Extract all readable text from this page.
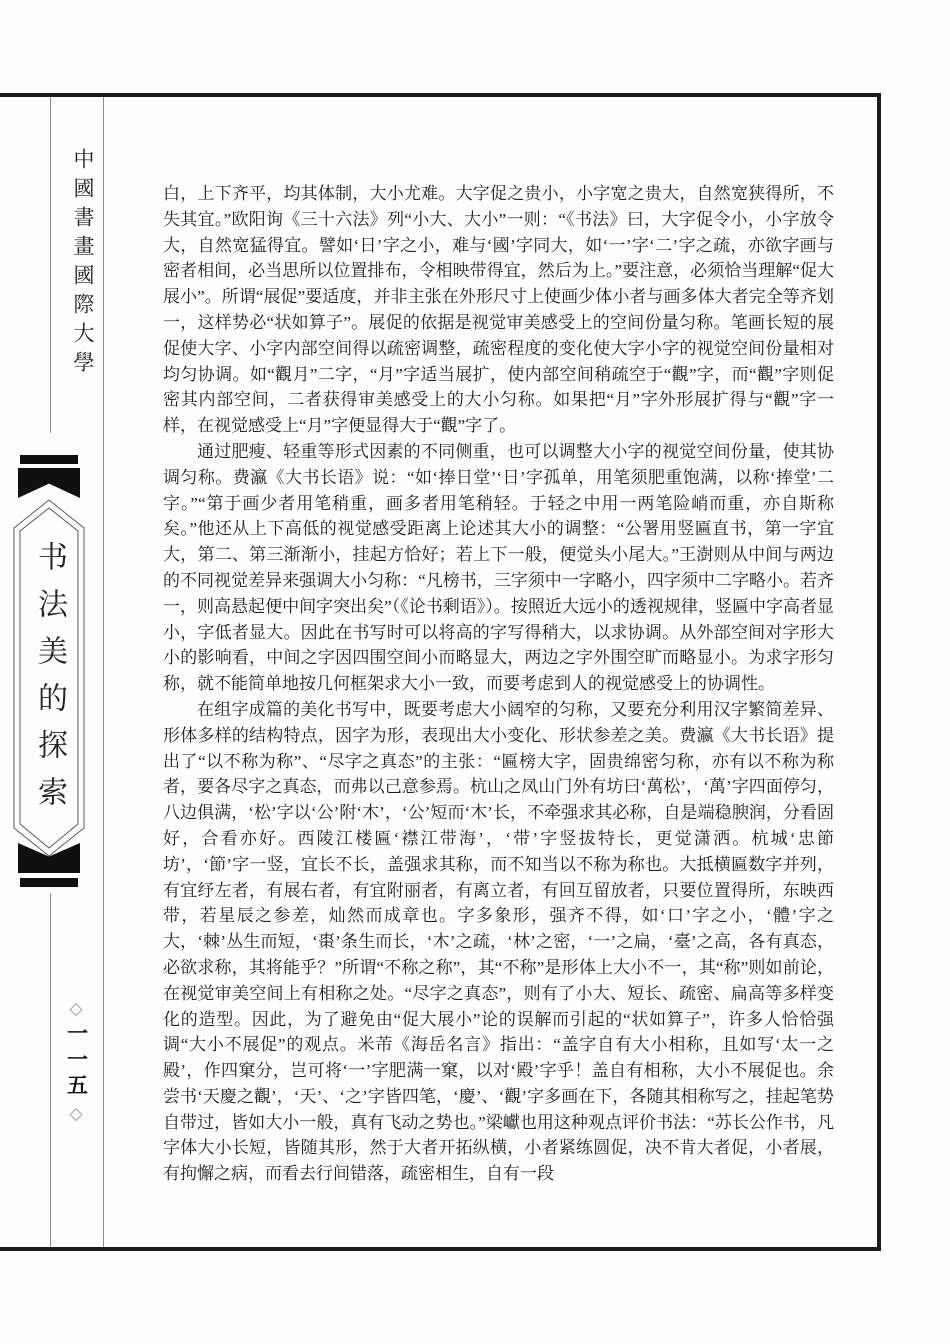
中國書畫國際大學
书法美的探索
◇
一一五
◇

白，上下齐平，均其体制，大小尤难。大字促之贵小，小字宽之贵大，自然宽狭得所，不失其宜。”欧阳询《三十六法》列“小大、大小”一则：“《书法》曰，大字促令小，小字放令大，自然宽猛得宜。譬如‘日’字之小，难与‘國’字同大，如‘一’字‘二’字之疏，亦欲字画与密者相间，必当思所以位置排布，令相映带得宜，然后为上。”要注意，必须恰当理解“促大展小”。所谓“展促”要适度，并非主张在外形尺寸上使画少体小者与画多体大者完全等齐划一，这样势必“状如算子”。展促的依据是视觉审美感受上的空间份量匀称。笔画长短的展促使大字、小字内部空间得以疏密调整，疏密程度的变化使大字小字的视觉空间份量相对均匀协调。如“觀月”二字，“月”字适当展扩，使内部空间稍疏空于“觀”字，而“觀”字则促密其内部空间，二者获得审美感受上的大小匀称。如果把“月”字外形展扩得与“觀”字一样，在视觉感受上“月”字便显得大于“觀”字了。

通过肥瘦、轻重等形式因素的不同侧重，也可以调整大小字的视觉空间份量，使其协调匀称。费瀛《大书长语》说：“如‘捧日堂’‘日’字孤单，用笔须肥重饱满，以称‘捧堂’二字。”“第于画少者用笔稍重，画多者用笔稍轻。于轻之中用一两笔险峭而重，亦自斯称矣。”他还从上下高低的视觉感受距离上论述其大小的调整：“公署用竖匾直书，第一字宜大，第二、第三渐渐小，挂起方恰好；若上下一般，便觉头小尾大。”王澍则从中间与两边的不同视觉差异来强调大小匀称：“凡榜书，三字须中一字略小，四字须中二字略小。若齐一，则高悬起便中间字突出矣”（《论书剩语》）。按照近大远小的透视规律，竖匾中字高者显小，字低者显大。因此在书写时可以将高的字写得稍大，以求协调。从外部空间对字形大小的影响看，中间之字因四围空间小而略显大，两边之字外围空旷而略显小。为求字形匀称，就不能简单地按几何框架求大小一致，而要考虑到人的视觉感受上的协调性。

在组字成篇的美化书写中，既要考虑大小阔窄的匀称，又要充分利用汉字繁简差异、形体多样的结构特点，因字为形，表现出大小变化、形状参差之美。费瀛《大书长语》提出了“以不称为称”、“尽字之真态”的主张：“匾榜大字，固贵绵密匀称，亦有以不称为称者，要各尽字之真态，而弗以己意参焉。杭山之凤山门外有坊曰‘萬松’，‘萬’字四面停匀，八边俱满，‘松’字以‘公’附‘木’，‘公’短而‘木’长，不牵强求其必称，自是端稳腴润，分看固好，合看亦好。西陵江楼匾‘襟江带海’，‘带’字竖拔特长，更觉潇洒。杭城‘忠節坊’，‘節’字一竖，宜长不长，盖强求其称，而不知当以不称为称也。大抵横匾数字并列，有宜纾左者，有展右者，有宜附丽者，有离立者，有回互留放者，只要位置得所，东映西带，若星辰之参差，灿然而成章也。字多象形，强齐不得，如‘口’字之小，‘體’字之大，‘棘’丛生而短，‘棗’条生而长，‘木’之疏，‘林’之密，‘一’之扁，‘臺’之高，各有真态，必欲求称，其将能乎？”所谓“不称之称”，其“不称”是形体上大小不一，其“称”则如前论，在视觉审美空间上有相称之处。“尽字之真态”，则有了小大、短长、疏密、扁高等多样变化的造型。因此，为了避免由“促大展小”论的误解而引起的“状如算子”，许多人恰恰强调“大小不展促”的观点。米芾《海岳名言》指出：“盖字自有大小相称，且如写‘太一之殿’，作四窠分，岂可将‘一’字肥满一窠，以对‘殿’字乎！盖自有相称，大小不展促也。余尝书‘天慶之觀’，‘天’、‘之’字皆四笔，‘慶’、‘觀’字多画在下，各随其相称写之，挂起笔势自带过，皆如大小一般，真有飞动之势也。”梁巘也用这种观点评价书法：“苏长公作书，凡字体大小长短，皆随其形，然于大者开拓纵横，小者紧练圆促，决不肯大者促，小者展，有拘懈之病，而看去行间错落，疏密相生，自有一段
